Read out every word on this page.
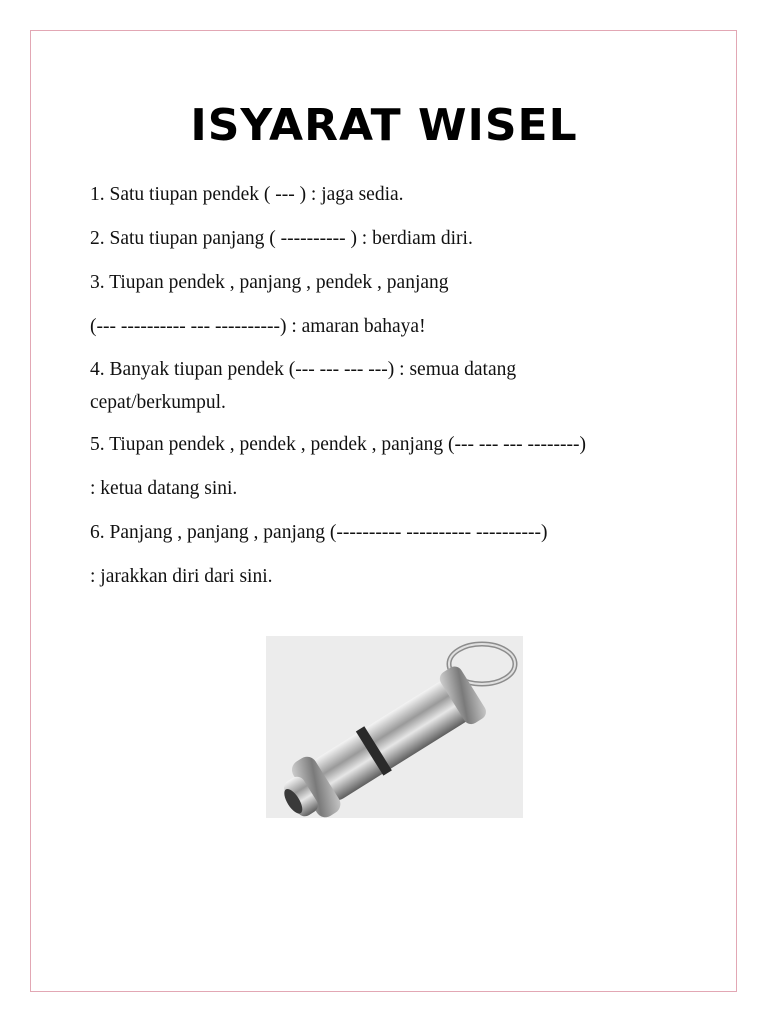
ISYARAT WISEL
1. Satu tiupan pendek ( --- ) : jaga sedia.
2. Satu tiupan panjang ( ---------- ) : berdiam diri.
3. Tiupan pendek , panjang , pendek , panjang
(--- ---------- --- ----------) : amaran bahaya!
4. Banyak tiupan pendek (--- --- --- ---) : semua datang
cepat/berkumpul.
5. Tiupan pendek , pendek , pendek , panjang (--- --- --- --------)
: ketua datang sini.
6. Panjang , panjang , panjang (---------- ---------- ----------)
: jarakkan diri dari sini.
